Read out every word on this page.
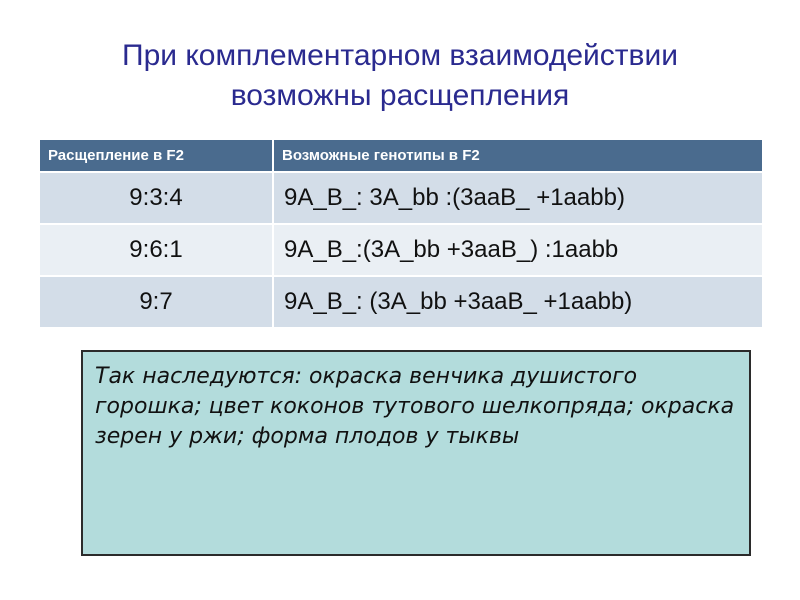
При комплементарном взаимодействии
возможны расщепления
Расщепление в F2	Возможные генотипы в F2
9:3:4	9A_B_: 3A_bb :(3aaB_ +1aabb)
9:6:1	9A_B_:(3A_bb +3aaB_) :1aabb
9:7	9A_B_: (3A_bb +3aaB_ +1aabb)

Так наследуются: окраска венчика душистого горошка; цвет коконов тутового шелкопряда; окраска зерен у ржи; форма плодов у тыквы
